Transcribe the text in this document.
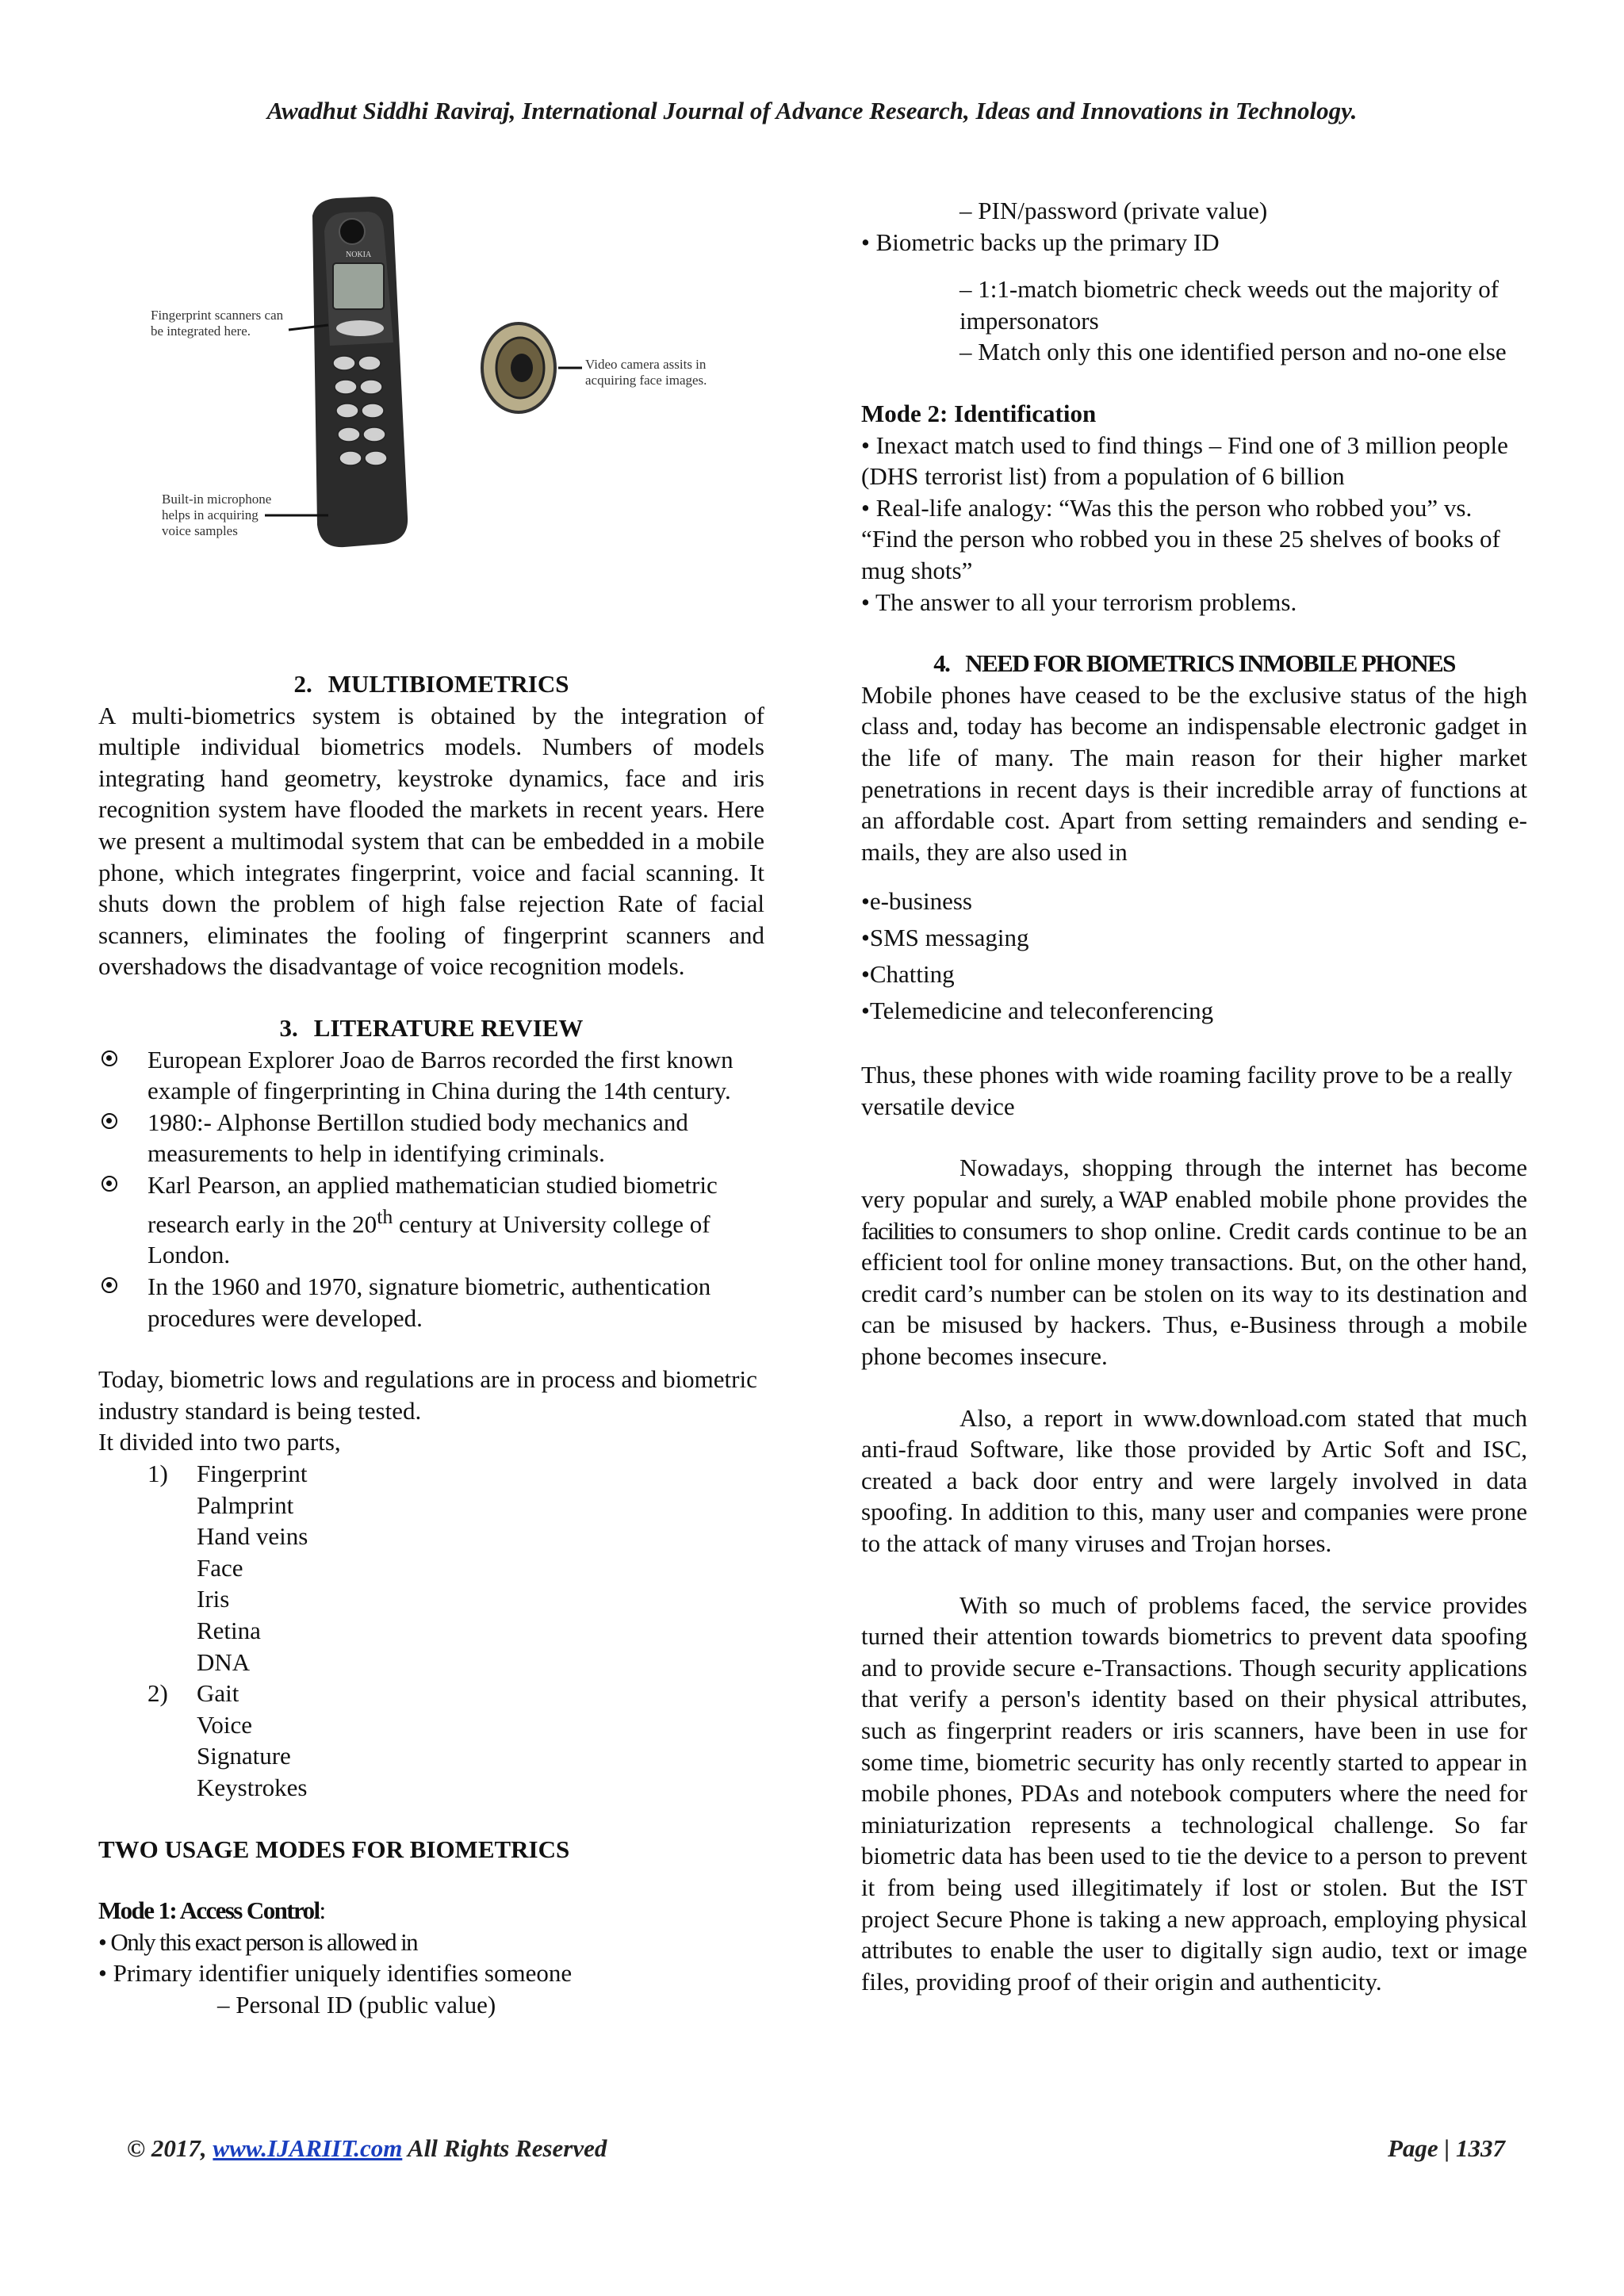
Awadhut Siddhi Raviraj, International Journal of Advance Research, Ideas and Innovations in Technology.
NOKIA
Fingerprint scanners can be integrated here.
Video camera assits in acquiring face images.
Built-in microphone helps in acquiring voice samples

2. MULTIBIOMETRICS

A multi-biometrics system is obtained by the integration of multiple individual biometrics models. Numbers of models integrating hand geometry, keystroke dynamics, face and iris recognition system have flooded the markets in recent years. Here we present a multimodal system that can be embedded in a mobile phone, which integrates fingerprint, voice and facial scanning. It shuts down the problem of high false rejection Rate of facial scanners, eliminates the fooling of fingerprint scanners and overshadows the disadvantage of voice recognition models.

3. LITERATURE REVIEW

European Explorer Joao de Barros recorded the first known example of fingerprinting in China during the 14th century.
1980:- Alphonse Bertillon studied body mechanics and measurements to help in identifying criminals.
Karl Pearson, an applied mathematician studied biometric research early in the 20th century at University college of London.
In the 1960 and 1970, signature biometric, authentication procedures were developed.

Today, biometric lows and regulations are in process and biometric industry standard is being tested.

It divided into two parts,

1) Fingerprint
Palmprint
Hand veins
Face
Iris
Retina
DNA
2) Gait
Voice
Signature
Keystrokes

TWO USAGE MODES FOR BIOMETRICS

Mode 1: Access Control:

• Only this exact person is allowed in

• Primary identifier uniquely identifies someone

– Personal ID (public value)

– PIN/password (private value)

• Biometric backs up the primary ID

– 1:1-match biometric check weeds out the majority of impersonators

– Match only this one identified person and no-one else

Mode 2: Identification

• Inexact match used to find things – Find one of 3 million people (DHS terrorist list) from a population of 6 billion

• Real-life analogy: “Was this the person who robbed you” vs. “Find the person who robbed you in these 25 shelves of books of mug shots”

• The answer to all your terrorism problems.

4. NEED FOR BIOMETRICS INMOBILE PHONES

Mobile phones have ceased to be the exclusive status of the high class and, today has become an indispensable electronic gadget in the life of many. The main reason for their higher market penetrations in recent days is their incredible array of functions at an affordable cost. Apart from setting remainders and sending e-mails, they are also used in

•e-business
•SMS messaging
•Chatting
•Telemedicine and teleconferencing

Thus, these phones with wide roaming facility prove to be a really versatile device

Nowadays, shopping through the internet has become very popular and surely, a WAP enabled mobile phone provides the facilities to consumers to shop online. Credit cards continue to be an efficient tool for online money transactions. But, on the other hand, credit card’s number can be stolen on its way to its destination and can be misused by hackers. Thus, e-Business through a mobile phone becomes insecure.

Also, a report in www.download.com stated that much anti-fraud Software, like those provided by Artic Soft and ISC, created a back door entry and were largely involved in data spoofing. In addition to this, many user and companies were prone to the attack of many viruses and Trojan horses.

With so much of problems faced, the service provides turned their attention towards biometrics to prevent data spoofing and to provide secure e-Transactions. Though security applications that verify a person's identity based on their physical attributes, such as fingerprint readers or iris scanners, have been in use for some time, biometric security has only recently started to appear in mobile phones, PDAs and notebook computers where the need for miniaturization represents a technological challenge. So far biometric data has been used to tie the device to a person to prevent it from being used illegitimately if lost or stolen. But the IST project Secure Phone is taking a new approach, employing physical attributes to enable the user to digitally sign audio, text or image files, providing proof of their origin and authenticity.

© 2017, www.IJARIIT.com All Rights Reserved	Page | 1337
